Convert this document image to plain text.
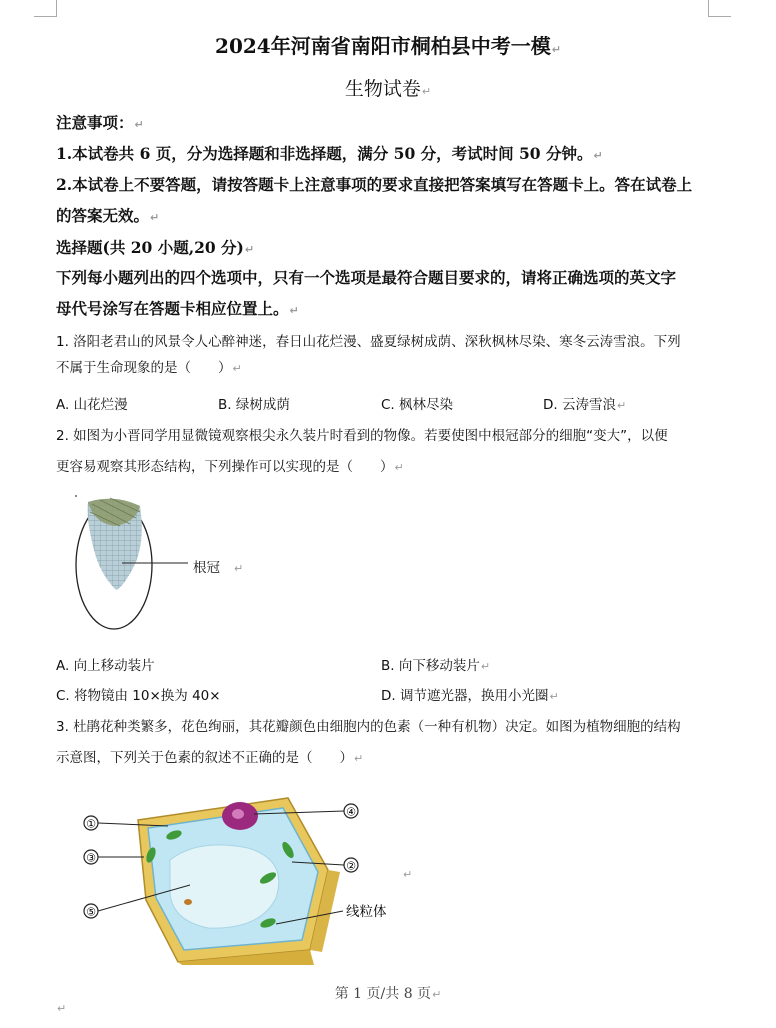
2024年河南省南阳市桐柏县中考一模↵
生物试卷↵
注意事项：↵
1.本试卷共 6 页，分为选择题和非选择题，满分 50 分，考试时间 50 分钟。↵
2.本试卷上不要答题，请按答题卡上注意事项的要求直接把答案填写在答题卡上。答在试卷上
的答案无效。↵
选择题(共 20 小题,20 分)↵
下列每小题列出的四个选项中，只有一个选项是最符合题目要求的，请将正确选项的英文字
母代号涂写在答题卡相应位置上。↵
1. 洛阳老君山的风景令人心醉神迷，春日山花烂漫、盛夏绿树成荫、深秋枫林尽染、寒冬云涛雪浪。下列
不属于生命现象的是（　　）↵
A. 山花烂漫	B. 绿树成荫	C. 枫林尽染	D. 云涛雪浪↵
2. 如图为小晋同学用显微镜观察根尖永久装片时看到的物像。若要使图中根冠部分的细胞“变大”，以便
更容易观察其形态结构，下列操作可以实现的是（　　）↵
根冠 ↵
A. 向上移动装片	B. 向下移动装片↵
C. 将物镜由 10×换为 40×	D. 调节遮光器，换用小光圈↵
3. 杜鹃花种类繁多，花色绚丽，其花瓣颜色由细胞内的色素（一种有机物）决定。如图为植物细胞的结构
示意图，下列关于色素的叙述不正确的是（　　）↵
①
②
③
④
⑤	线粒体
↵
第 1 页/共 8 页↵
↵
